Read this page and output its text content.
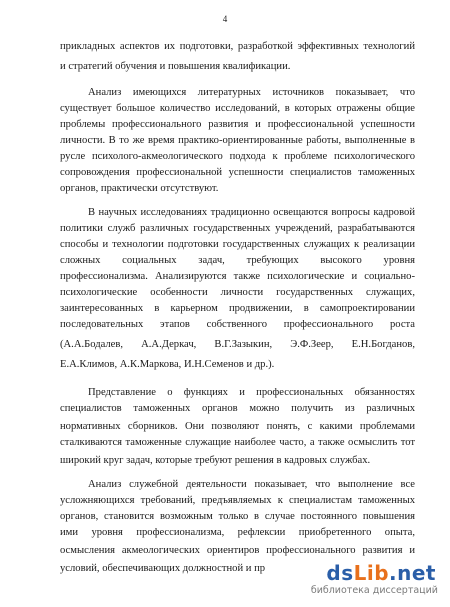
4
прикладных аспектов их подготовки, разработкой эффективных технологий
и стратегий обучения и повышения квалификации.
Анализ имеющихся литературных источников показывает, что
существует большое количество исследований, в которых отражены общие
проблемы профессионального развития и профессиональной успешности
личности. В то же время практико-ориентированные работы, выполненные в
русле психолого-акмеологического подхода к проблеме психологического
сопровождения профессиональной успешности специалистов таможенных
органов, практически отсутствуют.
В научных исследованиях традиционно освещаются вопросы кадровой
политики служб различных государственных учреждений, разрабатываются
способы и технологии подготовки государственных служащих к реализации
сложных социальных задач, требующих высокого уровня
профессионализма. Анализируются также психологические и социально-
психологические особенности личности государственных служащих,
заинтересованных в карьерном продвижении, в самопроектировании
последовательных этапов собственного профессионального роста
(А.А.Бодалев, А.А.Деркач, В.Г.Зазыкин, Э.Ф.Зеер, Е.Н.Богданов,
Е.А.Климов, А.К.Маркова, И.Н.Семенов и др.).
Представление о функциях и профессиональных обязанностях
специалистов таможенных органов можно получить из различных
нормативных сборников. Они позволяют понять, с какими проблемами
сталкиваются таможенные служащие наиболее часто, а также осмыслить тот
широкий круг задач, которые требуют решения в кадровых службах.
Анализ служебной деятельности показывает, что выполнение все
усложняющихся требований, предъявляемых к специалистам таможенных
органов, становится возможным только в случае постоянного повышения
ими уровня профессионализма, рефлексии приобретенного опыта,
осмысления акмеологических ориентиров профессионального развития и
условий, обеспечивающих должностной и пр	dsLib.net
библиотека диссертаций
